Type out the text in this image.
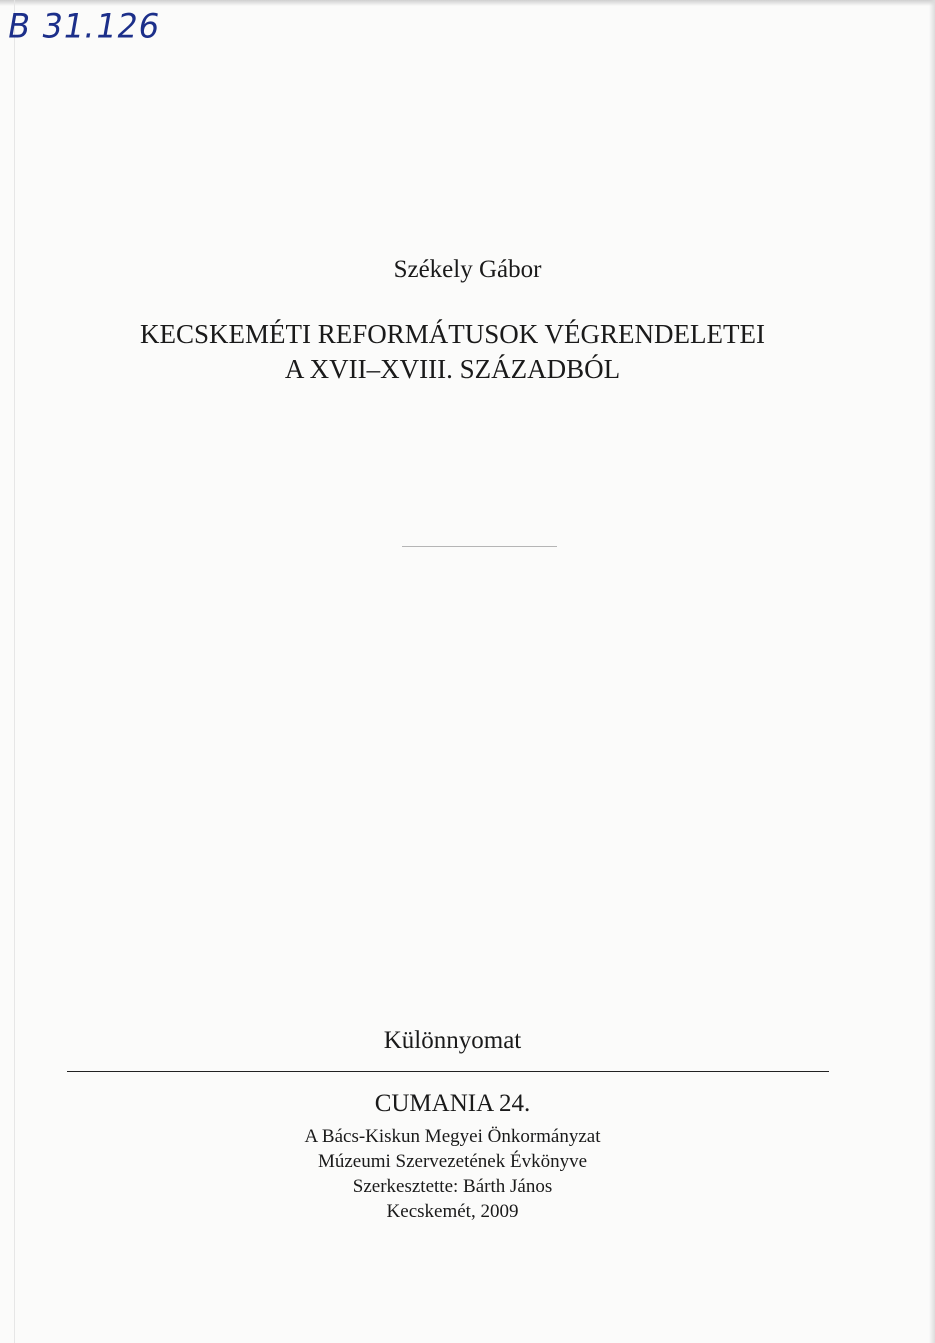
B 31.126
Székely Gábor
KECSKEMÉTI REFORMÁTUSOK VÉGRENDELETEI
A XVII–XVIII. SZÁZADBÓL
Különnyomat
CUMANIA 24.
A Bács-Kiskun Megyei Önkormányzat
Múzeumi Szervezetének Évkönyve
Szerkesztette: Bárth János
Kecskemét, 2009
